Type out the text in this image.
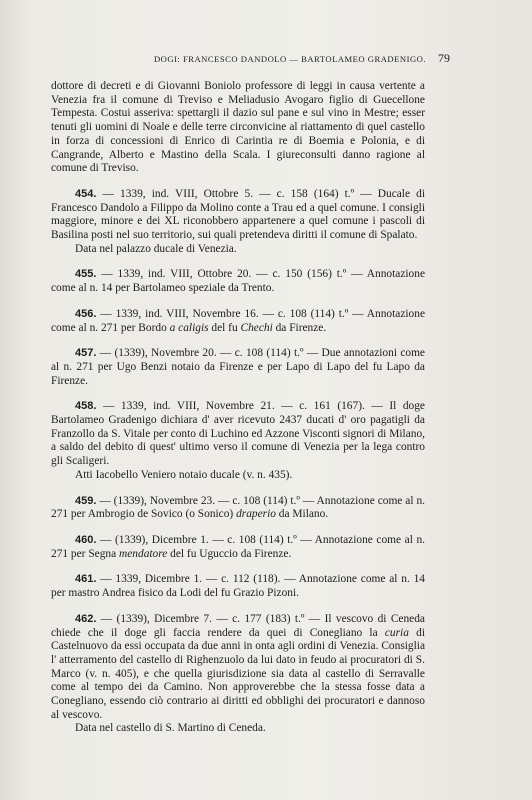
DOGI: FRANCESCO DANDOLO — BARTOLAMEO GRADENIGO. 79

dottore di decreti e di Giovanni Boniolo professore di leggi in causa vertente a Venezia fra il comune di Treviso e Meliadusio Avogaro figlio di Guecellone Tempesta. Costui asseriva: spettargli il dazio sul pane e sul vino in Mestre; esser tenuti gli uomini di Noale e delle terre circonvicine al riattamento di quel castello in forza di concessioni di Enrico di Carintia re di Boemia e Polonia, e di Cangrande, Alberto e Mastino della Scala. I giureconsulti danno ragione al comune di Treviso.

454. — 1339, ind. VIII, Ottobre 5. — c. 158 (164) t.º — Ducale di Francesco Dandolo a Filippo da Molino conte a Trau ed a quel comune. I consigli maggiore, minore e dei XL riconobbero appartenere a quel comune i pascoli di Basilina posti nel suo territorio, sui quali pretendeva diritti il comune di Spalato.

Data nel palazzo ducale di Venezia.

455. — 1339, ind. VIII, Ottobre 20. — c. 150 (156) t.º — Annotazione come al n. 14 per Bartolameo speziale da Trento.

456. — 1339, ind. VIII, Novembre 16. — c. 108 (114) t.º — Annotazione come al n. 271 per Bordo a caligis del fu Chechi da Firenze.

457. — (1339), Novembre 20. — c. 108 (114) t.º — Due annotazioni come al n. 271 per Ugo Benzi notaio da Firenze e per Lapo di Lapo del fu Lapo da Firenze.

458. — 1339, ind. VIII, Novembre 21. — c. 161 (167). — Il doge Bartolameo Gradenigo dichiara d' aver ricevuto 2437 ducati d' oro pagatigli da Franzollo da S. Vitale per conto di Luchino ed Azzone Visconti signori di Milano, a saldo del debito di quest' ultimo verso il comune di Venezia per la lega contro gli Scaligeri.

Atti Iacobello Veniero notaio ducale (v. n. 435).

459. — (1339), Novembre 23. — c. 108 (114) t.º — Annotazione come al n. 271 per Ambrogio de Sovico (o Sonico) draperio da Milano.

460. — (1339), Dicembre 1. — c. 108 (114) t.º — Annotazione come al n. 271 per Segna mendatore del fu Uguccio da Firenze.

461. — 1339, Dicembre 1. — c. 112 (118). — Annotazione come al n. 14 per mastro Andrea fisico da Lodi del fu Grazio Pizoni.

462. — (1339), Dicembre 7. — c. 177 (183) t.º — Il vescovo di Ceneda chiede che il doge gli faccia rendere da quei di Conegliano la curia di Castelnuovo da essi occupata da due anni in onta agli ordini di Venezia. Consiglia l' atterramento del castello di Righenzuolo da lui dato in feudo ai procuratori di S. Marco (v. n. 405), e che quella giurisdizione sia data al castello di Serravalle come al tempo dei da Camino. Non approverebbe che la stessa fosse data a Conegliano, essendo ciò contrario ai diritti ed obblighi dei procuratori e dannoso al vescovo.

Data nel castello di S. Martino di Ceneda.
